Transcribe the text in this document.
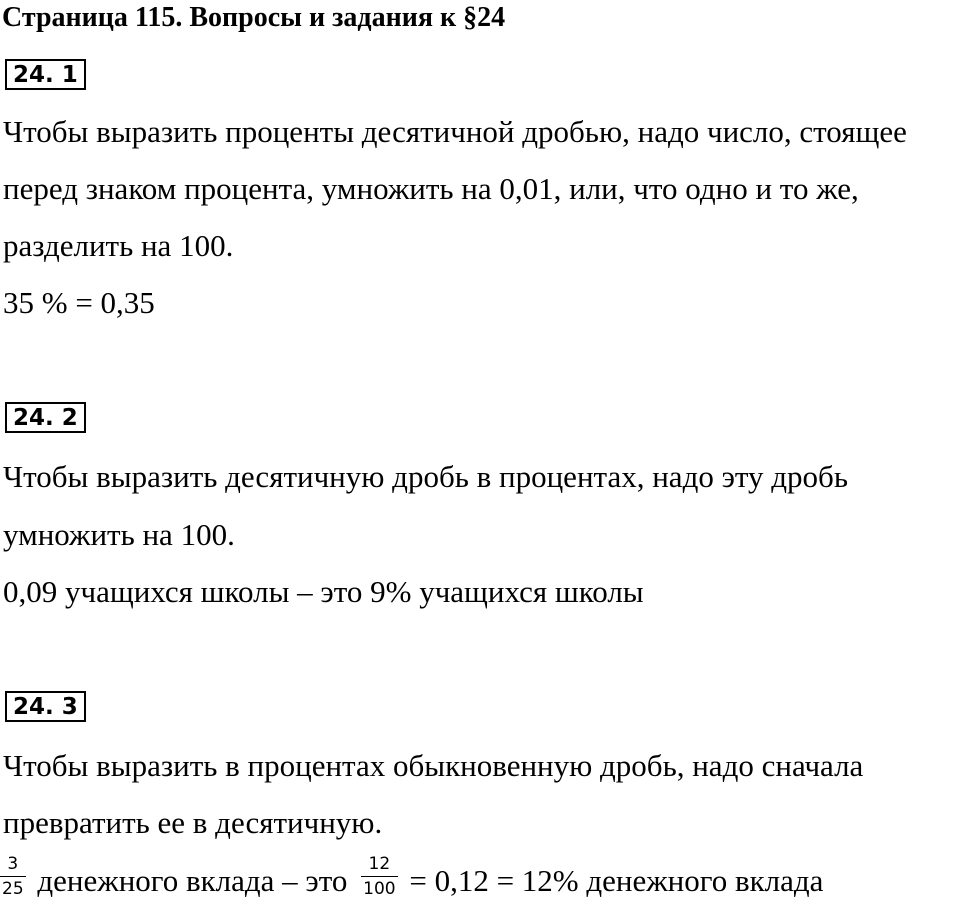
Страница 115. Вопросы и задания к §24
24. 1
Чтобы выразить проценты десятичной дробью, надо число, стоящее
перед знаком процента, умножить на 0,01, или, что одно и то же,
разделить на 100.
35 % = 0,35
24. 2
Чтобы выразить десятичную дробь в процентах, надо эту дробь
умножить на 100.
0,09 учащихся школы – это 9% учащихся школы
24. 3
Чтобы выразить в процентах обыкновенную дробь, надо сначала
превратить ее в десятичную.
$\frac{3}{25}$ денежного вклада – это $\frac{12}{100} = 0,12 = 12\%$ денежного вклада
